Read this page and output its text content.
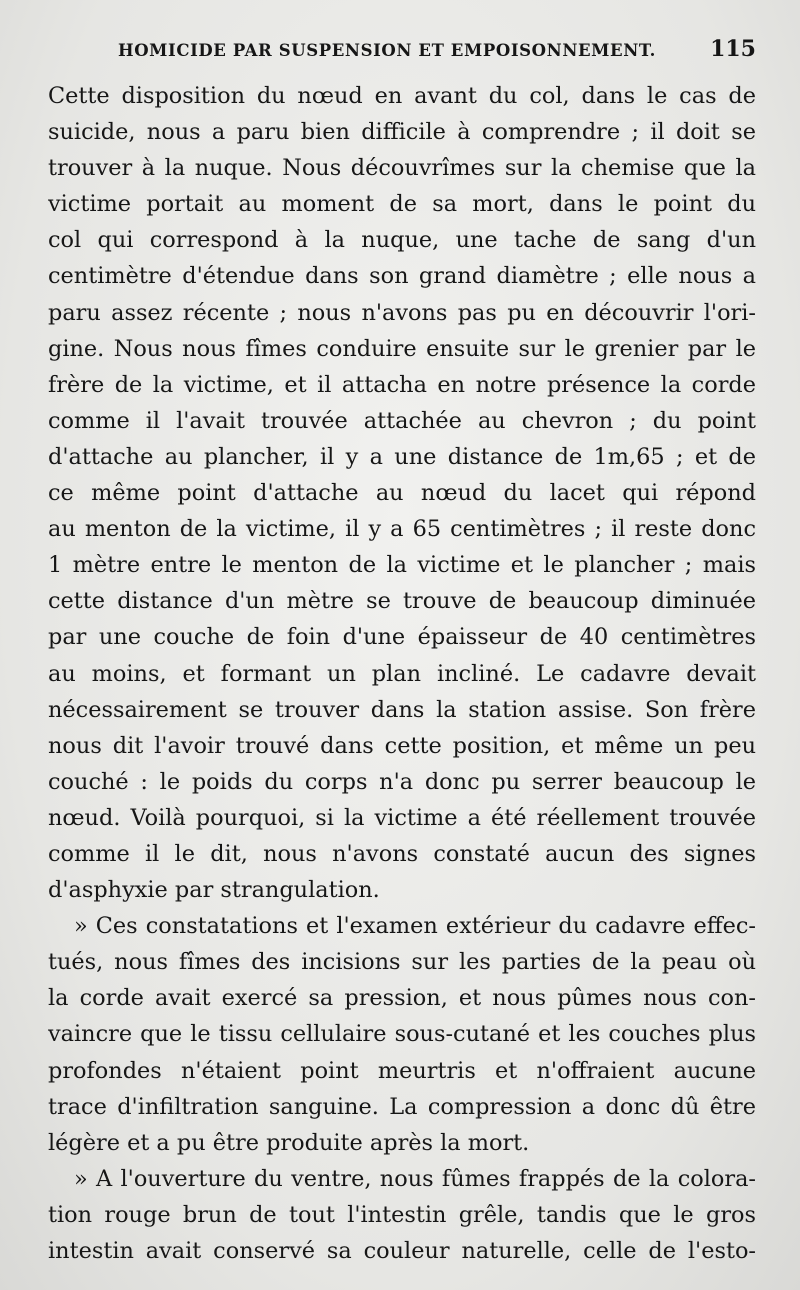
HOMICIDE PAR SUSPENSION ET EMPOISONNEMENT. 115
Cette disposition du nœud en avant du col, dans le cas de
suicide, nous a paru bien difficile à comprendre ; il doit se
trouver à la nuque. Nous découvrîmes sur la chemise que la
victime portait au moment de sa mort, dans le point du
col qui correspond à la nuque, une tache de sang d'un
centimètre d'étendue dans son grand diamètre ; elle nous a
paru assez récente ; nous n'avons pas pu en découvrir l'ori-
gine. Nous nous fîmes conduire ensuite sur le grenier par le
frère de la victime, et il attacha en notre présence la corde
comme il l'avait trouvée attachée au chevron ; du point
d'attache au plancher, il y a une distance de 1m,65 ; et de
ce même point d'attache au nœud du lacet qui répond
au menton de la victime, il y a 65 centimètres ; il reste donc
1 mètre entre le menton de la victime et le plancher ; mais
cette distance d'un mètre se trouve de beaucoup diminuée
par une couche de foin d'une épaisseur de 40 centimètres
au moins, et formant un plan incliné. Le cadavre devait
nécessairement se trouver dans la station assise. Son frère
nous dit l'avoir trouvé dans cette position, et même un peu
couché : le poids du corps n'a donc pu serrer beaucoup le
nœud. Voilà pourquoi, si la victime a été réellement trouvée
comme il le dit, nous n'avons constaté aucun des signes
d'asphyxie par strangulation.
» Ces constatations et l'examen extérieur du cadavre effec-
tués, nous fîmes des incisions sur les parties de la peau où
la corde avait exercé sa pression, et nous pûmes nous con-
vaincre que le tissu cellulaire sous-cutané et les couches plus
profondes n'étaient point meurtris et n'offraient aucune
trace d'infiltration sanguine. La compression a donc dû être
légère et a pu être produite après la mort.
» A l'ouverture du ventre, nous fûmes frappés de la colora-
tion rouge brun de tout l'intestin grêle, tandis que le gros
intestin avait conservé sa couleur naturelle, celle de l'esto-
